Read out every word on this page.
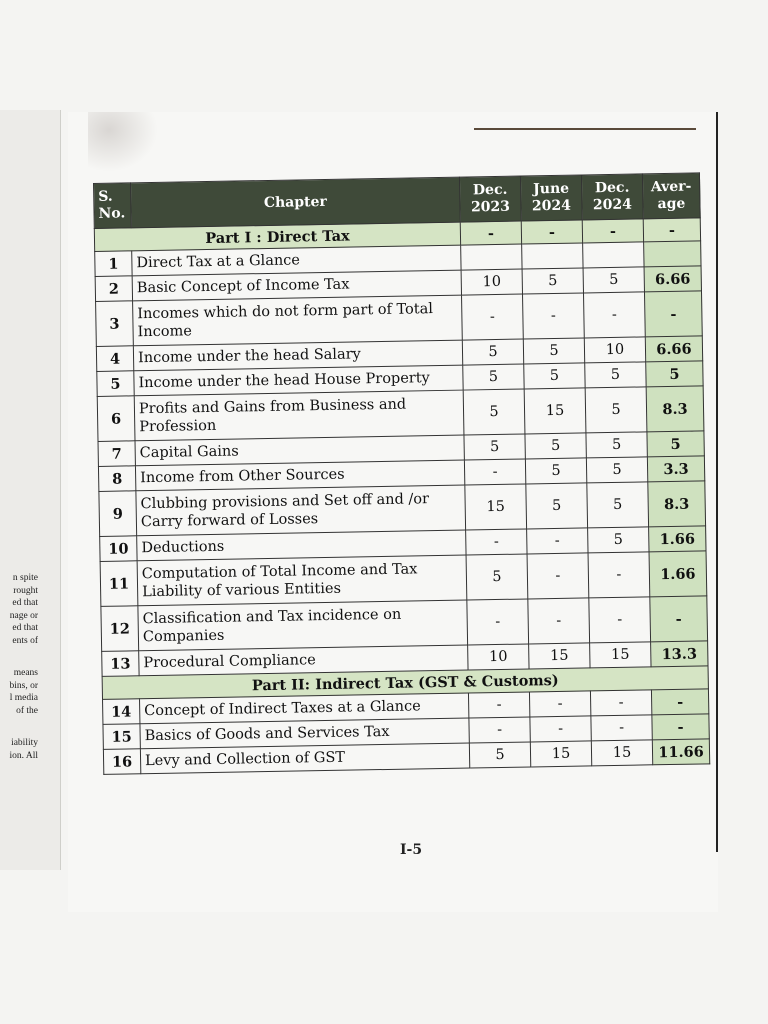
n spite
rought
ed that
nage or
ed that
ents of
means
bins, or
l media
of the
iability
ion. All
S. No.	Chapter	Dec. 2023	June 2024	Dec. 2024	Aver-age
Part I : Direct Tax		-	-	-	-
1	Direct Tax at a Glance				
2	Basic Concept of Income Tax	10	5	5	6.66
3	Incomes which do not form part of Total Income	-	-	-	-
4	Income under the head Salary	5	5	10	6.66
5	Income under the head House Property	5	5	5	5
6	Profits and Gains from Business and Profession	5	15	5	8.3
7	Capital Gains	5	5	5	5
8	Income from Other Sources	-	5	5	3.3
9	Clubbing provisions and Set off and /or Carry forward of Losses	15	5	5	8.3
10	Deductions	-	-	5	1.66
11	Computation of Total Income and Tax Liability of various Entities	5	-	-	1.66
12	Classification and Tax incidence on Companies	-	-	-	-
13	Procedural Compliance	10	15	15	13.3
Part II: Indirect Tax (GST & Customs)					
14	Concept of Indirect Taxes at a Glance	-	-	-	-
15	Basics of Goods and Services Tax	-	-	-	-
16	Levy and Collection of GST	5	15	15	11.66
I-5
